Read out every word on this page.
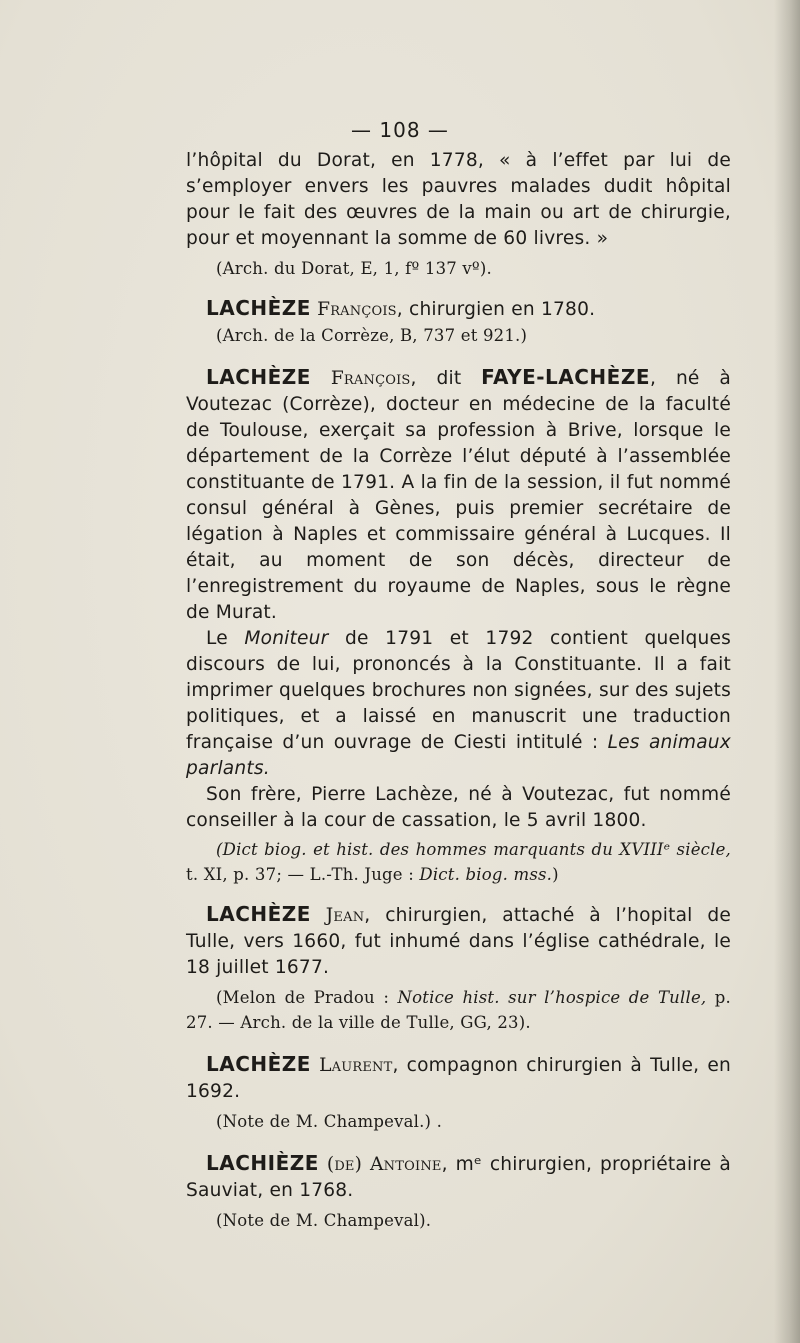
— 108 —

l’hôpital du Dorat, en 1778, « à l’effet par lui de s’employer envers les pauvres malades dudit hôpital pour le fait des œuvres de la main ou art de chirurgie, pour et moyennant la somme de 60 livres. »

(Arch. du Dorat, E, 1, fº 137 vº).

LACHÈZE François, chirurgien en 1780.

(Arch. de la Corrèze, B, 737 et 921.)

LACHÈZE François, dit FAYE-LACHÈZE, né à Voutezac (Corrèze), docteur en médecine de la faculté de Toulouse, exerçait sa profession à Brive, lorsque le département de la Corrèze l’élut député à l’assemblée constituante de 1791. A la fin de la session, il fut nommé consul général à Gènes, puis premier secrétaire de légation à Naples et commissaire général à Lucques. Il était, au moment de son décès, directeur de l’enregistrement du royaume de Naples, sous le règne de Murat.

Le Moniteur de 1791 et 1792 contient quelques discours de lui, prononcés à la Constituante. Il a fait imprimer quelques brochures non signées, sur des sujets politiques, et a laissé en manuscrit une traduction française d’un ouvrage de Ciesti intitulé : Les animaux parlants.

Son frère, Pierre Lachèze, né à Voutezac, fut nommé conseiller à la cour de cassation, le 5 avril 1800.

(Dict biog. et hist. des hommes marquants du XVIIIᵉ siècle, t. XI, p. 37; — L.-Th. Juge : Dict. biog. mss.)

LACHÈZE Jean, chirurgien, attaché à l’hopital de Tulle, vers 1660, fut inhumé dans l’église cathédrale, le 18 juillet 1677.

(Melon de Pradou : Notice hist. sur l’hospice de Tulle, p. 27. — Arch. de la ville de Tulle, GG, 23).

LACHÈZE Laurent, compagnon chirurgien à Tulle, en 1692.

(Note de M. Champeval.) .

LACHIÈZE (de) Antoine, mᵉ chirurgien, propriétaire à Sauviat, en 1768.

(Note de M. Champeval).
